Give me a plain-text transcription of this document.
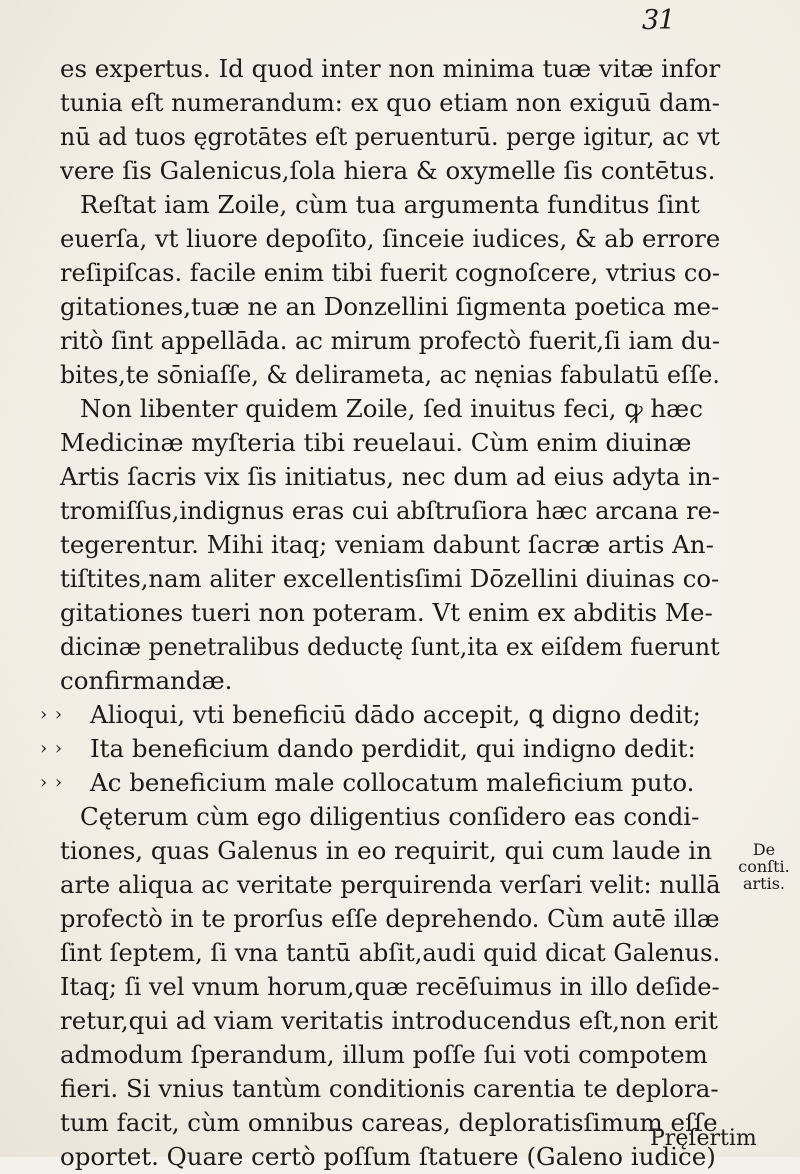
31
es expertus. Id quod inter non minima tuæ vitæ infor
tunia eſt numerandum: ex quo etiam non exiguū dam-
nū ad tuos ęgrotātes eſt peruenturū. perge igitur, ac vt
vere ſis Galenicus,ſola hiera & oxymelle ſis contētus.
Reſtat iam Zoile, cùm tua argumenta funditus ſint
euerſa, vt liuore depoſito, ſinceie iudices, & ab errore
reſipiſcas. facile enim tibi fuerit cognoſcere, vtrius co-
gitationes,tuæ ne an Donzellini ſigmenta poetica me-
ritò ſint appellāda. ac mirum profectò fuerit,ſi iam du-
bites,te sōniaſſe, & delirameta, ac nęnias fabulatū eſſe.
Non libenter quidem Zoile, ſed inuitus feci, ꝙ hæc
Medicinæ myſteria tibi reuelaui. Cùm enim diuinæ
Artis ſacris vix ſis initiatus, nec dum ad eius adyta in-
tromiſſus,indignus eras cui abſtruſiora hæc arcana re-
tegerentur. Mihi itaq; veniam dabunt ſacræ artis An-
tiſtites,nam aliter excellentisſimi Dōzellini diuinas co-
gitationes tueri non poteram. Vt enim ex abditis Me-
dicinæ penetralibus deductę ſunt,ita ex eiſdem fuerunt
confirmandæ.
› › Alioqui, vti beneficiū dādo accepit, ꝗ digno dedit;
› › Ita beneficium dando perdidit, qui indigno dedit:
› › Ac beneficium male collocatum maleficium puto.
Cęterum cùm ego diligentius conſidero eas condi-
tiones, quas Galenus in eo requirit, qui cum laude in
arte aliqua ac veritate perquirenda verſari velit: nullā
profectò in te prorſus eſſe deprehendo. Cùm autē illæ
ſint ſeptem, ſi vna tantū abſit,audi quid dicat Galenus.
Itaq; ſi vel vnum horum,quæ recēſuimus in illo deſide-
retur,qui ad viam veritatis introducendus eſt,non erit
admodum ſperandum, illum poſſe ſui voti compotem
fieri. Si vnius tantùm conditionis carentia te deplora-
tum facit, cùm omnibus careas, deploratisſimum eſſe
oportet. Quare certò poſſum ſtatuere (Galeno iudice)
Pręſertim
De conſti.
artis.
